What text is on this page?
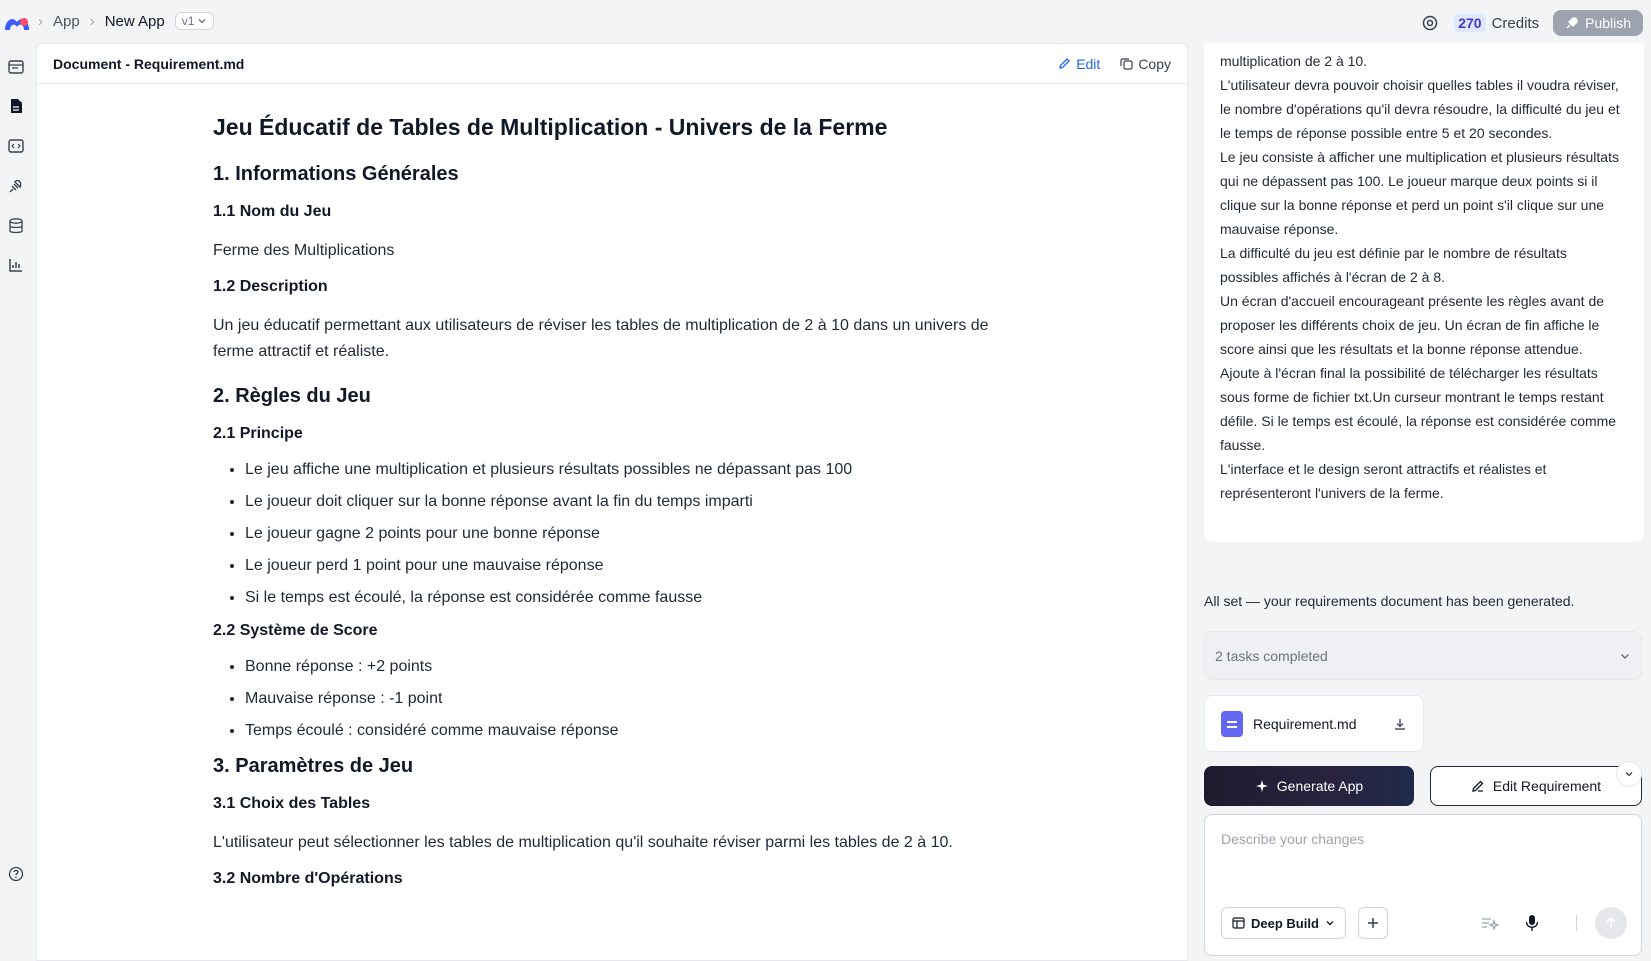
› App › New App v1	270 Credits	Publish
Document - Requirement.md	Edit	Copy
Jeu Éducatif de Tables de Multiplication - Univers de la Ferme
1. Informations Générales
1.1 Nom du Jeu

Ferme des Multiplications

1.2 Description

Un jeu éducatif permettant aux utilisateurs de réviser les tables de multiplication de 2 à 10 dans un univers de ferme attractif et réaliste.

2. Règles du Jeu
2.1 Principe
• Le jeu affiche une multiplication et plusieurs résultats possibles ne dépassant pas 100
• Le joueur doit cliquer sur la bonne réponse avant la fin du temps imparti
• Le joueur gagne 2 points pour une bonne réponse
• Le joueur perd 1 point pour une mauvaise réponse
• Si le temps est écoulé, la réponse est considérée comme fausse
2.2 Système de Score
• Bonne réponse : +2 points
• Mauvaise réponse : -1 point
• Temps écoulé : considéré comme mauvaise réponse
3. Paramètres de Jeu
3.1 Choix des Tables

L'utilisateur peut sélectionner les tables de multiplication qu'il souhaite réviser parmi les tables de 2 à 10.

3.2 Nombre d'Opérations

multiplication de 2 à 10.

L'utilisateur devra pouvoir choisir quelles tables il voudra réviser, le nombre d'opérations qu'il devra résoudre, la difficulté du jeu et le temps de réponse possible entre 5 et 20 secondes.

Le jeu consiste à afficher une multiplication et plusieurs résultats qui ne dépassent pas 100. Le joueur marque deux points si il clique sur la bonne réponse et perd un point s'il clique sur une mauvaise réponse.

La difficulté du jeu est définie par le nombre de résultats possibles affichés à l'écran de 2 à 8.

Un écran d'accueil encourageant présente les règles avant de proposer les différents choix de jeu. Un écran de fin affiche le score ainsi que les résultats et la bonne réponse attendue.

Ajoute à l'écran final la possibilité de télécharger les résultats sous forme de fichier txt.Un curseur montrant le temps restant défile. Si le temps est écoulé, la réponse est considérée comme fausse.

L'interface et le design seront attractifs et réalistes et représenteront l'univers de la ferme.

All set — your requirements document has been generated.
2 tasks completed
Requirement.md
Generate App	Edit Requirement
Describe your changes
Deep Build
